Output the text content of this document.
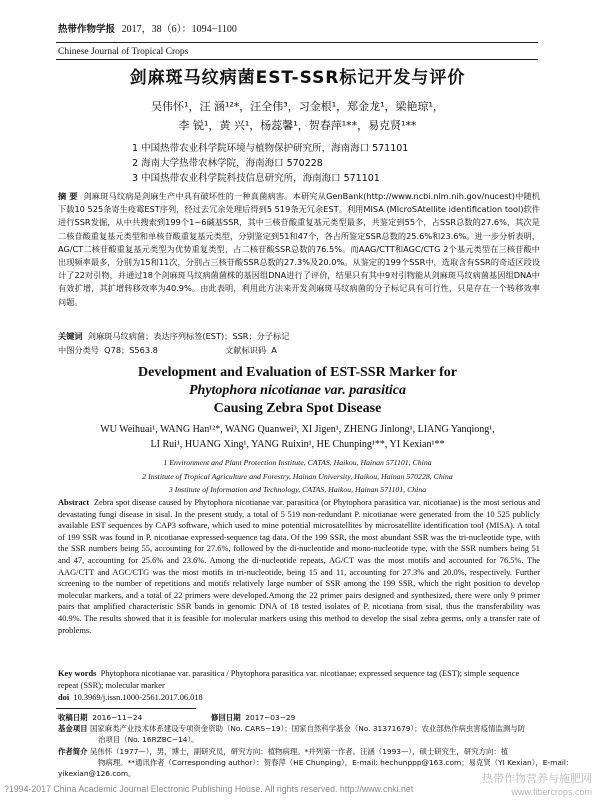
热带作物学报 2017，38（6）：1094−1100
Chinese Journal of Tropical Crops
剑麻斑马纹病菌EST-SSR标记开发与评价
吴伟怀¹，汪 涵¹²*，汪全伟³，习金根¹，郑金龙¹，梁艳琼¹，
李 锐¹，黄 兴¹，杨蕊馨¹，贺春萍¹**，易克贤¹**
1 中国热带农业科学院环境与植物保护研究所，海南海口 571101
2 海南大学热带农林学院，海南海口 570228
3 中国热带农业科学院科技信息研究所，海南海口 571101
摘 要 剑麻斑马纹病是剑麻生产中具有破坏性的一种真菌病害。本研究从GenBank(http://www.ncbi.nlm.nih.gov/nucest)中随机下载10 525条寄生疫霉EST序列，经过去冗余处理后得到5 519条无冗余EST。利用MISA (MIcroSAtellite identification tool)软件进行SSR发掘，从中共搜索到199个1~6碱基SSR，其中三核苷酸重复基元类型最多，共鉴定到55个，占SSR总数的27.6%，其次是二核苷酸重复基元类型和单核苷酸重复基元类型，分别鉴定到51和47个，各占所鉴定SSR总数的25.6%和23.6%。进一步分析表明，AG/CT二核苷酸重复基元类型为优势重复类型，占二核苷酸SSR总数的76.5%。而AAG/CTT和AGC/CTG 2个基元类型在三核苷酸中出现频率最多，分别为15和11次，分别占三核苷酸SSR总数的27.3%及20.0%。从鉴定的199个SSR中，选取含有SSR的奇适区段设计了22对引物，并通过18个剑麻斑马纹病菌菌株的基因组DNA进行了评价，结果只有其中9对引物能从剑麻斑马纹病菌基因组DNA中有效扩增，其扩增转移效率为40.9%。由此表明，利用此方法来开发剑麻斑马纹病菌的分子标记具有可行性，只是存在一个转移效率问题。
关键词 剑麻斑马纹病菌；表达序列标签(EST)；SSR；分子标记
中图分类号 Q78；S563.8	文献标识码 A
Development and Evaluation of EST-SSR Marker for
Phytophora nicotianae var. parasitica
Causing Zebra Spot Disease
WU Weihuai¹, WANG Han¹²*, WANG Quanwei³, XI Jigen¹, ZHENG Jinlong¹, LIANG Yanqiong¹,
LI Rui¹, HUANG Xing¹, YANG Ruixin¹, HE Chunping¹**, YI Kexian¹**
1 Environment and Plant Protection Institute, CATAS, Haikou, Hainan 571101, China
2 Institute of Tropical Agriculture and Forestry, Hainan University, Haikou, Hainan 570228, China
3 Institute of Information and Technology, CATAS, Haikou, Hainan 571101, China
Abstract Zebra spot disease caused by Phytophora nicotianae var. parasitica (or Phytophora parasitica var. nicotianae) is the most serious and devastating fungi disease in sisal. In the present study, a total of 5 519 non-redundant P. nicotianae were generated from the 10 525 publicly available EST sequences by CAP3 software, which used to mine potential microsatellites by microsatellite identification tool (MISA). A total of 199 SSR was found in P. nicotianae expressed-sequence tag data. Of the 199 SSR, the most abundant SSR was the tri-nucleotide type, with the SSR numbers being 55, accounting for 27.6%, followed by the di-nucleotide and mono-nucleotide type, with the SSR numbers being 51 and 47, accounting for 25.6% and 23.6%. Among the di-nucleotide repeats, AG/CT was the most motifs and accounted for 76.5%. The AAG/CTT and AGC/CTG was the most motifs in tri-nucleotide, being 15 and 11, accounting for 27.3% and 20.0%, respectively. Further screening to the number of repetitions and motifs relatively large number of SSR among the 199 SSR, which the right position to develop molecular markers, and a total of 22 primers were developed.Among the 22 primer pairs designed and synthesized, there were only 9 primer pairs that amplified characteristic SSR bands in genomic DNA of 18 tested isolates of P. nicotiana from sisal, thus the transferability was 40.9%. The results showed that it is feasible for molecular markers using this method to develop the sisal zebra germs, only a transfer rate of problems.
Key words Phytophora nicotianae var. parasitica / Phytophora parasitica var. nicotianae; expressed sequence tag (EST); simple sequence repeat (SSR); molecular marker
doi 10.3969/j.issn.1000-2561.2017.06.018
收稿日期 2016−11−24	修回日期 2017−03−29
基金项目 国家麻类产业技术体系建设专项资金资助（No. CARS−19）；国家自然科学基金（No. 31371679）；农业部热作病虫害疫情监测与防
治项目（No. 16RZBC−14）。
作者简介 吴伟怀（1977—），男，博士，副研究员，研究方向：植物病理。*并列第一作者。汪涵（1993—），硕士研究生，研究方向：植
物病理。**通讯作者（Corresponding author）：贺春萍（HE Chunping），E-mail: hechunppp@163.com；易克贤（YI Kexian），E-mail:
yikexian@126.com。
?1994-2017 China Academic Journal Electronic Publishing House. All rights reserved. http://www.cnki.net
热带作物营养与施肥网
www.fibercrops.com
